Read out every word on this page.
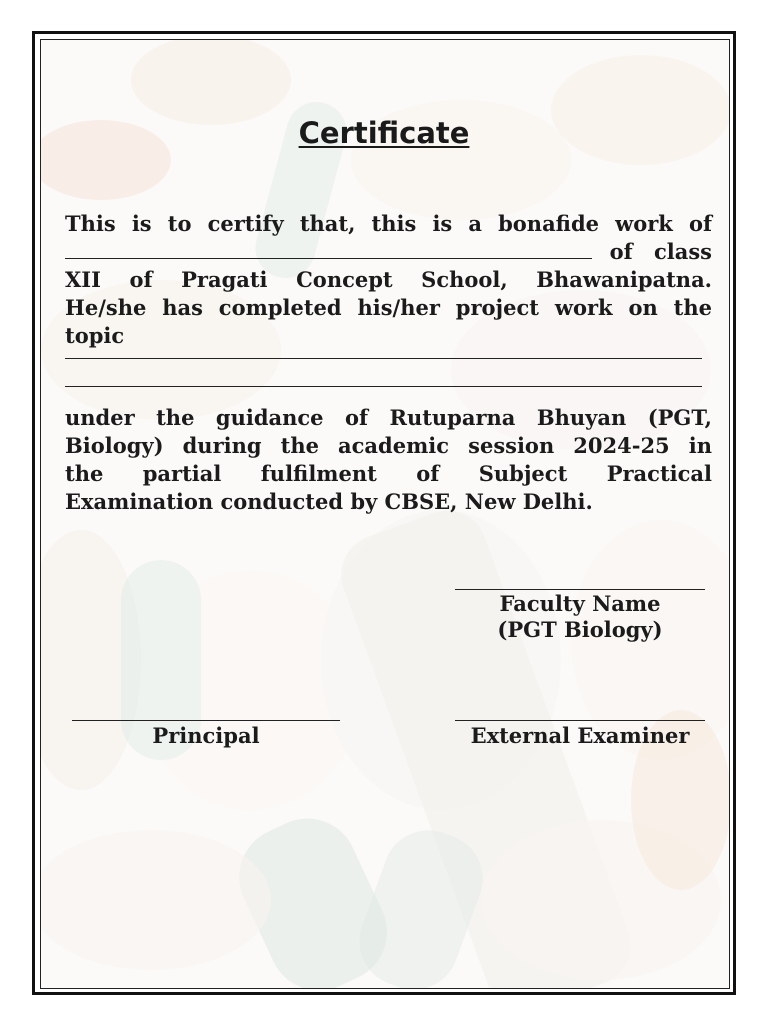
Certificate
This is to certify that, this is a bonafide work of
of class
XII of Pragati Concept School, Bhawanipatna.
He/she has completed his/her project work on the
topic
under the guidance of Rutuparna Bhuyan (PGT,
Biology) during the academic session 2024-25 in
the partial fulfilment of Subject Practical
Examination conducted by CBSE, New Delhi.
Faculty Name
(PGT Biology)
Principal	External Examiner
